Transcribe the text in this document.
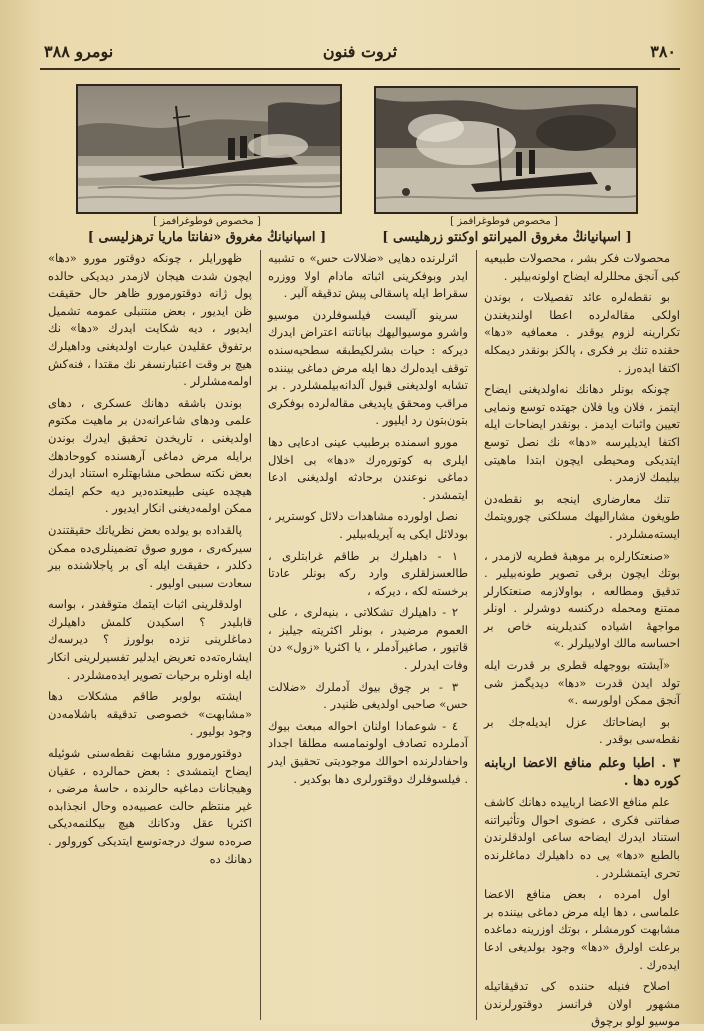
٣٨٠
ثروت فنون
نومرو ٣٨٨
[ مخصوص فوطوغرافمز ]
[ اسپانیانڭ مغروق «نفانتا ماریا ترهزلیسی ]
[ مخصوص فوطوغرافمز ]
[ اسپانیانڭ مغروق الميرانتو اوكنتو زرهلیسی ]

محصولات فكر بشر ، محصولات طبیعیه كبی آنجق محللرله ایضاح اولونه‌بیلیر .

بو نقطه‌لره عائد تفصیلات ، بوندن اولكی مقاله‌لرده اعطا اولندیغندن تكرارینه لزوم یوقدر . معمافیه «دها» حقنده تنك بر فكری ، پالكز بونقدر دیمكله اکتفا ایده‌رز .

چونكه بونلر دهانك نه‌اولدیغنی ایضاح ایتمز ، فلان ویا فلان جهتده توسع ونمایی تعیین واثبات ایدمز . بونقدر ایضاحات ایله اكتفا ایدیلیرسه «دها» نك نصل توسع ایتدیكی ومحیطی ایچون ابتدا ماهیتی بیلیمك لازمدر .

تنك معارضاری اینجه بو نقطه‌دن طویغون مشارالیهك مسلكنی چورویتمك ایسته‌مشلردر .

«صنعتكارلره بر موهبهٔ فطریه لازمدر ، بوتك ایچون برقی تصویر طونه‌بیلیر . تدقیق ومطالعه ، بواولازمه صنعتكارلر ممتنع ومحمله دركنسه دوشرلر . اونلر مواجههٔ اشیاده كندیلرینه خاص بر احساسه مالك اولابیلرلر .»

«آیشته بووجهله قطری بر قدرت ایله تولد ایدن قدرت «دها» دیدیگمز شی آنجق ممكن اولورسه .»

بو ایضاحاتك عزل ایدیله‌جك بر نقطه‌سی بوقدر .

٣ . اطبا وعلم منافع الاعضا اربابنه كوره دها .

علم منافع الاعضا ارباییده دهانك كاشف صفاتنی فكری ، عضوی احوال وتأثیراتنه استناد ایدرك ایضاحه ساعی اولدقلرندن بالطبع «دها» یی ده داهیلرك دماغلرنده تحری ایتمشلردر .

اول امرده ، بعض منافع الاعضا علماسی ، دها ایله مرض دماغی بیننده بر مشابهت كورمشلر ، بوتك اوزرینه دماغده برعلت اولرق «دها» وجود بولدیغی ادعا ایده‌رك .

اصلاح فنیله حننده كی تدقیقاتیله مشهور اولان فرانسز دوقتورلرندن موسیو لولو برچوق

اثرلرنده دهایی «ضلالات حس» ه تشبیه ایدر وبوفكرینی اثباته مادام اولا ووزره سقراط ایله پاسقالی پیش تدقیقه آلیر .

سرینو آلیست فیلسوفلردن موسیو واشرو موسیوالیهك بیاناتنه اعتراض ایدرك دیركه : حیات بشرلكیطبقه سطحیه‌سنده توقف ایده‌لرك دها ایله مرض دماغی بیننده تشابه اولدیغنی قبول آلدانه‌بیلمشلردر . بر مراقب ومحقق یاپدیغی مقاله‌لرده بوفكری بتون‌بتون رد ایلیور .

مورو اسمنده برطبیب عینی ادعایی دها ایلری به كوتوره‌رك «دها» بی اخلال دماغی نوعندن برحادثه اولدیغنی ادعا ایتمشدر .

نصل اولورده مشاهدات دلائل كوستریر ، بودلائل ایكی یه آیریله‌بیلیر .

١ - داهیلرك بر طاقم غرابتلری ، طالعسزلقلری وارد ركه بونلر عادتا برخسته لكه ، دیركه ،

٢ - داهیلرك تشكلاتی ، بنیه‌لری ، علی العموم مرضیدر ، بونلر اكثریته جیلیز ، قاتیور ، صاغیرآدملر ، یا اكثریا «زول» دن وفات ایدرلر .

٣ - بر چوق بیوك آدملرك «ضلالت حس» صاحبی اولدیغی ظنیدر .

٤ - شوعمادا اولنان احواله مبعث بیوك آدملرده تصادف اولونمامسه مطلقا اجداد واحفادلرنده احوالك موجودیتی تحقیق ایدر . فیلسوفلرك دوقتورلری دها بوكدیر .

ظهورایلر ، چونكه دوقتور مورو «دها» ایچون شدت هیجان لازمدر دیدیكی حالده پول ژانه دوقتورمورو ظاهر حال حقیقت ظن ایدیور ، بعض منتنبلی عمومه تشمیل ایدیور ، دیه شكایت ایدرك «دها» نك برتفوق عقلیدن عبارت اولدیغنی وداهیلرك هیچ بر وقت اعتبارنسفر نك مقتدا ، فنه‌كش اولمه‌مشلرلر .

بوندن باشقه دهانك عسكری ، دهای علمی ودهای شاعرانه‌دن بر ماهیت مكتوم اولدیغنی ، تاریخدن تحقیق ایدرك بوندن برایله مرض دماغی آرهسنده كووحادهك بعض نكته سطحی مشابهتلره استناد ایدرك هیچده عینی طبیعتده‌دیر دیه حكم ایتمك ممكن اولمه‌دیغنی انكار ایدیور .

پالقداده بو یولده بعض نظریاتك حقیقتندن سیرکه‌ری ، مورو صوق تضمینلری‌ده ممكن دكلدر ، حقیقت ایله آی بر پاجلاشنده بیر سعادت سببی اولیور .

اولدقلرینی اثبات ایتمك متوقفدر ، بواسه قابلیدر ؟ اسكیدن كلمش داهیلرك دماغلرینی نزده بولورز ؟ دیرسه‌ك ایشاره‌ته‌ده تعریض ایدلیر تفسیرلرینی انكار ایله اونلره برحیات تصویر ایده‌مشلردر .

ایشته بولوبر طاقم مشكلات دها «مشابهت» خصوصی تدقیقه باشلامه‌دن وجود بولیور .

دوقتورمورو مشابهت نقطه‌سنی شوئیله ایضاح ایتمشدی : بعض حمالرده ، عقیان وهیجانات دماغیه حالرنده ، حاسهٔ مرضی ، غیر منتظم حالت عصبیه‌ده وحال انجذابده اكثریا عقل ودكانك هیچ بیكلنمه‌دیكی صره‌ده سوك درجه‌توسع ایتدیكی كورولور . دهانك ده
